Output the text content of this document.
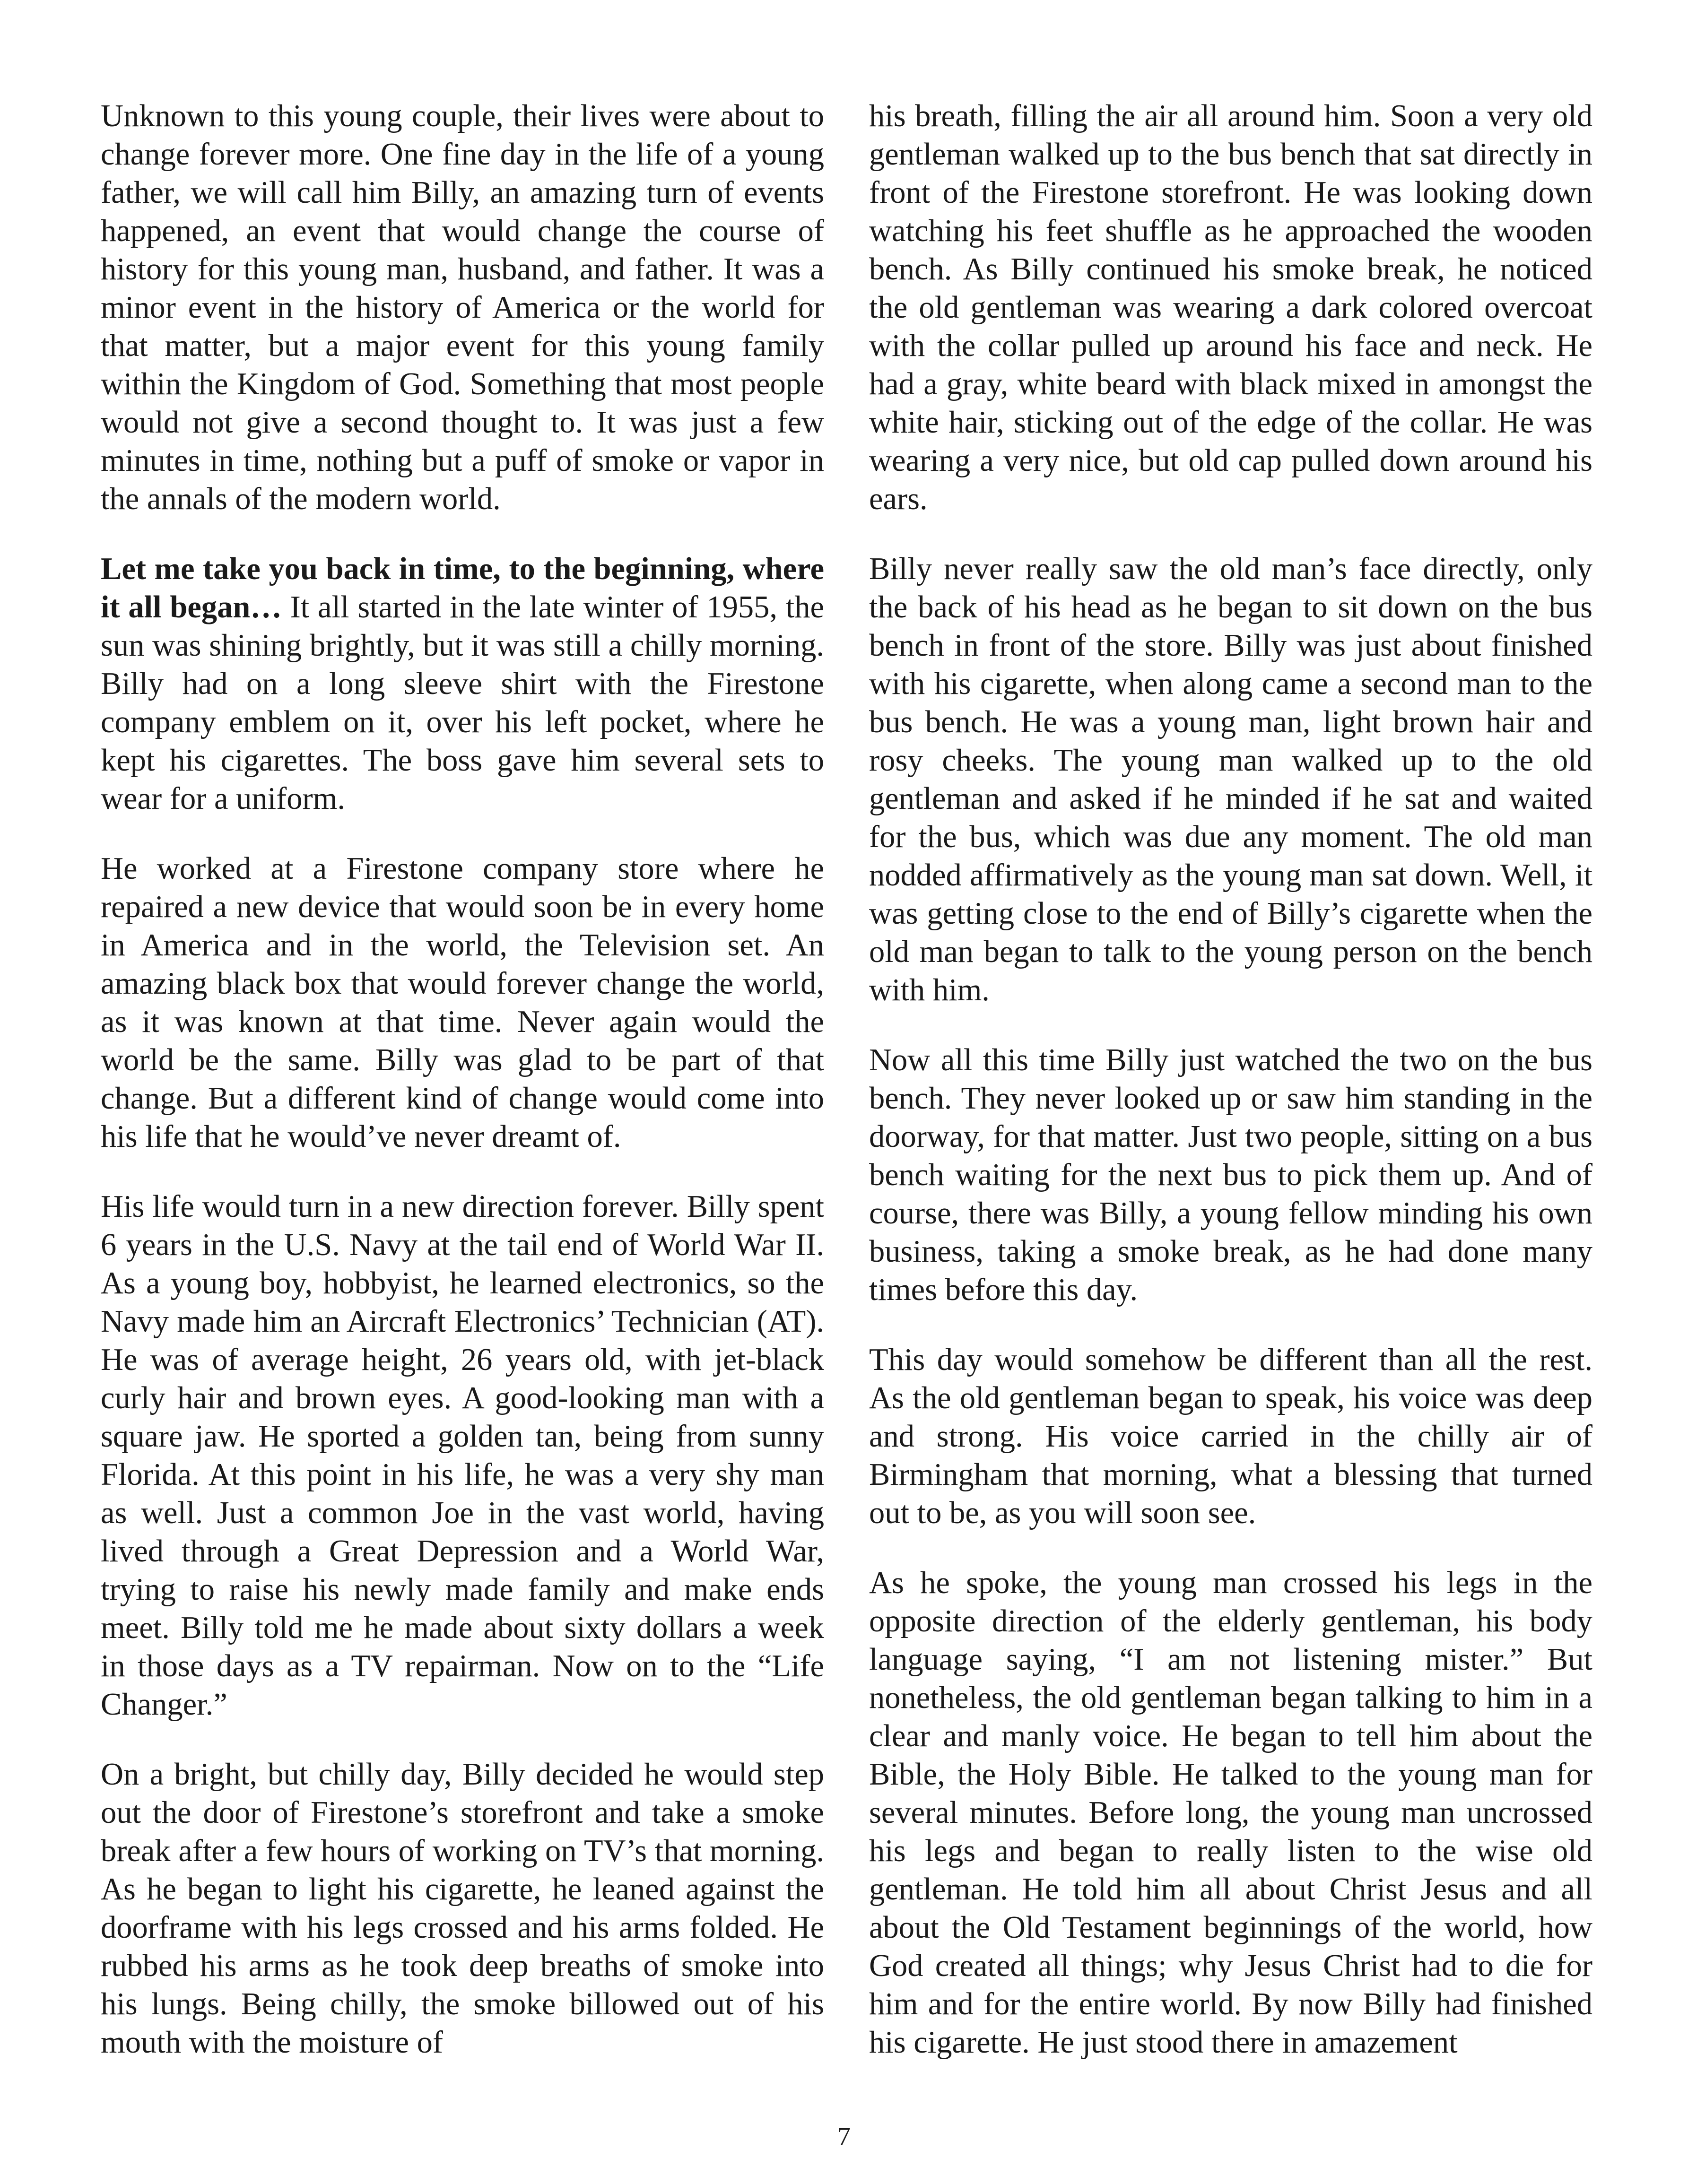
Unknown to this young couple, their lives were about to change forever more. One fine day in the life of a young father, we will call him Billy, an amazing turn of events happened, an event that would change the course of history for this young man, husband, and father. It was a minor event in the history of America or the world for that matter, but a major event for this young family within the Kingdom of God. Something that most people would not give a second thought to. It was just a few minutes in time, nothing but a puff of smoke or vapor in the annals of the modern world.

Let me take you back in time, to the beginning, where it all began… It all started in the late winter of 1955, the sun was shining brightly, but it was still a chilly morning. Billy had on a long sleeve shirt with the Firestone company emblem on it, over his left pocket, where he kept his cigarettes. The boss gave him several sets to wear for a uniform.

He worked at a Firestone company store where he repaired a new device that would soon be in every home in America and in the world, the Television set. An amazing black box that would forever change the world, as it was known at that time. Never again would the world be the same. Billy was glad to be part of that change. But a different kind of change would come into his life that he would’ve never dreamt of.

His life would turn in a new direction forever. Billy spent 6 years in the U.S. Navy at the tail end of World War II. As a young boy, hobbyist, he learned electronics, so the Navy made him an Aircraft Electronics’ Technician (AT). He was of average height, 26 years old, with jet-black curly hair and brown eyes. A good-looking man with a square jaw. He sported a golden tan, being from sunny Florida. At this point in his life, he was a very shy man as well. Just a common Joe in the vast world, having lived through a Great Depression and a World War, trying to raise his newly made family and make ends meet. Billy told me he made about sixty dollars a week in those days as a TV repairman. Now on to the “Life Changer.”

On a bright, but chilly day, Billy decided he would step out the door of Firestone’s storefront and take a smoke break after a few hours of working on TV’s that morning. As he began to light his cigarette, he leaned against the doorframe with his legs crossed and his arms folded. He rubbed his arms as he took deep breaths of smoke into his lungs. Being chilly, the smoke billowed out of his mouth with the moisture of

his breath, filling the air all around him. Soon a very old gentleman walked up to the bus bench that sat directly in front of the Firestone storefront. He was looking down watching his feet shuffle as he approached the wooden bench. As Billy continued his smoke break, he noticed the old gentleman was wearing a dark colored overcoat with the collar pulled up around his face and neck. He had a gray, white beard with black mixed in amongst the white hair, sticking out of the edge of the collar. He was wearing a very nice, but old cap pulled down around his ears.

Billy never really saw the old man’s face directly, only the back of his head as he began to sit down on the bus bench in front of the store. Billy was just about finished with his cigarette, when along came a second man to the bus bench. He was a young man, light brown hair and rosy cheeks. The young man walked up to the old gentleman and asked if he minded if he sat and waited for the bus, which was due any moment. The old man nodded affirmatively as the young man sat down. Well, it was getting close to the end of Billy’s cigarette when the old man began to talk to the young person on the bench with him.

Now all this time Billy just watched the two on the bus bench. They never looked up or saw him standing in the doorway, for that matter. Just two people, sitting on a bus bench waiting for the next bus to pick them up. And of course, there was Billy, a young fellow minding his own business, taking a smoke break, as he had done many times before this day.

This day would somehow be different than all the rest. As the old gentleman began to speak, his voice was deep and strong. His voice carried in the chilly air of Birmingham that morning, what a blessing that turned out to be, as you will soon see.

As he spoke, the young man crossed his legs in the opposite direction of the elderly gentleman, his body language saying, “I am not listening mister.” But nonetheless, the old gentleman began talking to him in a clear and manly voice. He began to tell him about the Bible, the Holy Bible. He talked to the young man for several minutes. Before long, the young man uncrossed his legs and began to really listen to the wise old gentleman. He told him all about Christ Jesus and all about the Old Testament beginnings of the world, how God created all things; why Jesus Christ had to die for him and for the entire world. By now Billy had finished his cigarette. He just stood there in amazement

7
